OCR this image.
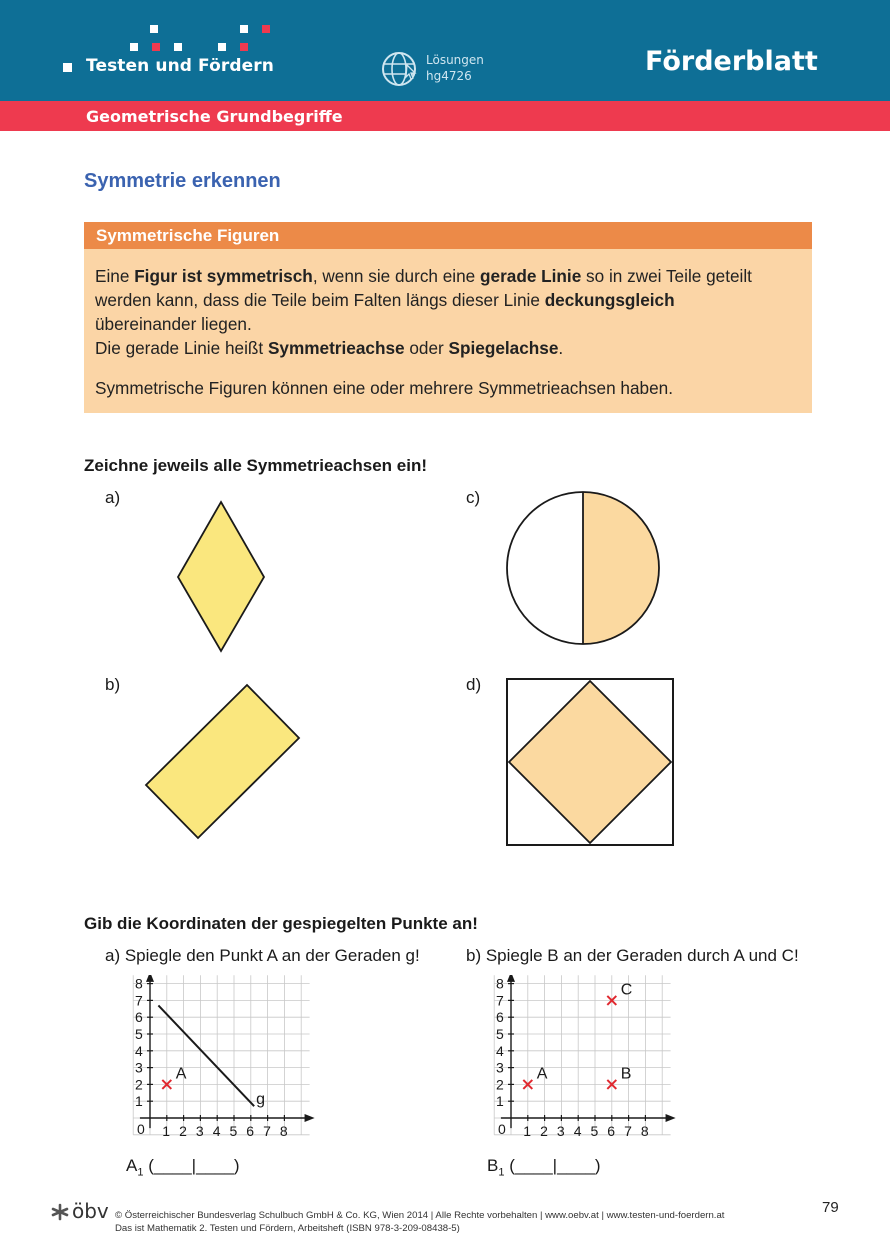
Testen und Fördern	Lösungen
hg4726	Förderblatt
Geometrische Grundbegriffe
Symmetrie erkennen
Symmetrische Figuren
Eine Figur ist symmetrisch, wenn sie durch eine gerade Linie so in zwei Teile geteilt
werden kann, dass die Teile beim Falten längs dieser Linie deckungsgleich
übereinander liegen.
Die gerade Linie heißt Symmetrieachse oder Spiegelachse.
Symmetrische Figuren können eine oder mehrere Symmetrieachsen haben.
Zeichne jeweils alle Symmetrieachsen ein!
a)	c)
b)	d)
Gib die Koordinaten der gespiegelten Punkte an!
a) Spiegle den Punkt A an der Geraden g!	b) Spiegle B an der Geraden durch A und C!
1 2 3 4 5 6 7 8
1
2
3
4
5
6
7
8
0
A
g
1 2 3 4 5 6 7 8
1
2
3
4
5
6
7
8
0
A	B
C
$A_1$ (____|____)	$B_1$ (____|____)
öbv © Österreichischer Bundesverlag Schulbuch GmbH & Co. KG, Wien 2014 | Alle Rechte vorbehalten | www.oebv.at | www.testen-und-foerdern.at
Das ist Mathematik 2. Testen und Fördern, Arbeitsheft (ISBN 978-3-209-08438-5)
79
